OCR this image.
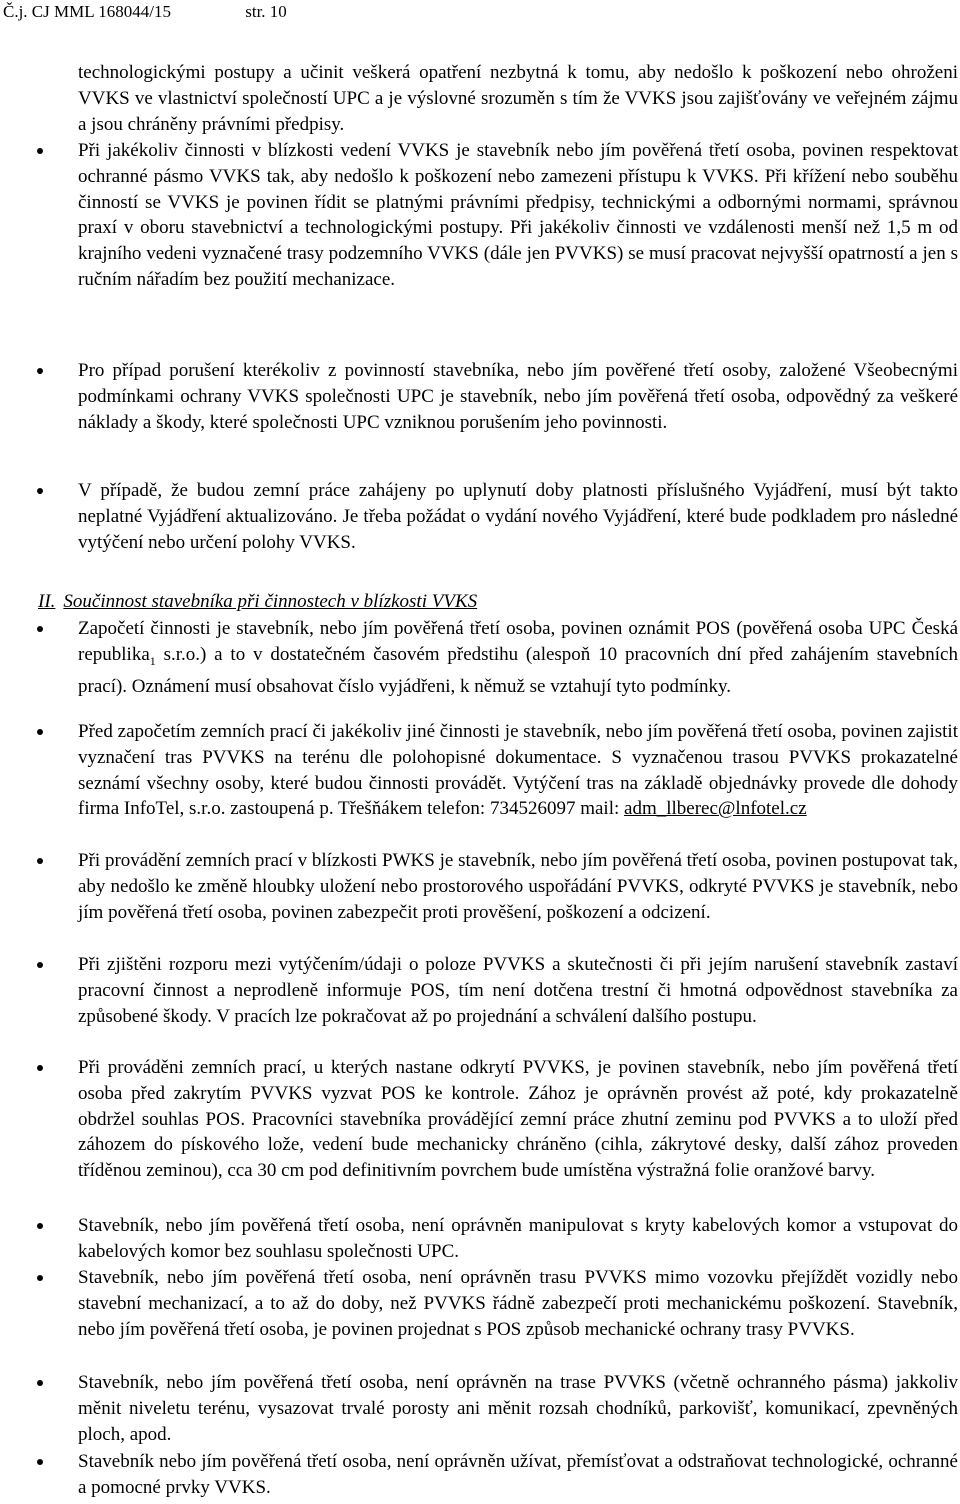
Č.j. CJ MML 168044/15	str. 10

technologickými postupy a učinit veškerá opatření nezbytná k tomu, aby nedošlo k poškození nebo ohroženi VVKS ve vlastnictví společností UPC a je výslovné srozuměn s tím že VVKS jsou zajišťovány ve veřejném zájmu a jsou chráněny právními předpisy.

Při jakékoliv činnosti v blízkosti vedení VVKS je stavebník nebo jím pověřená třetí osoba, povinen respektovat ochranné pásmo VVKS tak, aby nedošlo k poškození nebo zamezeni přístupu k VVKS. Při křížení nebo souběhu činností se VVKS je povinen řídit se platnými právními předpisy, technickými a odbornými normami, správnou praxí v oboru stavebnictví a technologickými postupy. Při jakékoliv činnosti ve vzdálenosti menší než 1,5 m od krajního vedeni vyznačené trasy podzemního VVKS (dále jen PVVKS) se musí pracovat nejvyšší opatrností a jen s ručním nářadím bez použití mechanizace.
Pro případ porušení kterékoliv z povinností stavebníka, nebo jím pověřené třetí osoby, založené Všeobecnými podmínkami ochrany VVKS společnosti UPC je stavebník, nebo jím pověřená třetí osoba, odpovědný za veškeré náklady a škody, které společnosti UPC vzniknou porušením jeho povinnosti.
V případě, že budou zemní práce zahájeny po uplynutí doby platnosti příslušného Vyjádření, musí být takto neplatné Vyjádření aktualizováno. Je třeba požádat o vydání nového Vyjádření, které bude podkladem pro následné vytýčení nebo určení polohy VVKS.
II. Součinnost stavebníka při činnostech v blízkosti VVKS
Započetí činnosti je stavebník, nebo jím pověřená třetí osoba, povinen oznámit POS (pověřená osoba UPC Česká republika$_1$ s.r.o.) a to v dostatečném časovém předstihu (alespoň 10 pracovních dní před zahájením stavebních prací). Oznámení musí obsahovat číslo vyjádřeni, k němuž se vztahují tyto podmínky.
Před započetím zemních prací či jakékoliv jiné činnosti je stavebník, nebo jím pověřená třetí osoba, povinen zajistit vyznačení tras PVVKS na terénu dle polohopisné dokumentace. S vyznačenou trasou PVVKS prokazatelné seznámí všechny osoby, které budou činnosti provádět. Vytýčení tras na základě objednávky provede dle dohody firma InfoTel, s.r.o. zastoupená p. Třešňákem telefon: 734526097 mail: adm_llberec@lnfotel.cz
Při provádění zemních prací v blízkosti PWKS je stavebník, nebo jím pověřená třetí osoba, povinen postupovat tak, aby nedošlo ke změně hloubky uložení nebo prostorového uspořádání PVVKS, odkryté PVVKS je stavebník, nebo jím pověřená třetí osoba, povinen zabezpečit proti prověšení, poškození a odcizení.
Při zjištěni rozporu mezi vytýčením/údaji o poloze PVVKS a skutečnosti či při jejím narušení stavebník zastaví pracovní činnost a neprodleně informuje POS, tím není dotčena trestní či hmotná odpovědnost stavebníka za způsobené škody. V pracích lze pokračovat až po projednání a schválení dalšího postupu.
Při prováděni zemních prací, u kterých nastane odkrytí PVVKS, je povinen stavebník, nebo jím pověřená třetí osoba před zakrytím PVVKS vyzvat POS ke kontrole. Zához je oprávněn provést až poté, kdy prokazatelně obdržel souhlas POS. Pracovníci stavebníka provádějící zemní práce zhutní zeminu pod PVVKS a to uloží před záhozem do pískového lože, vedení bude mechanicky chráněno (cihla, zákrytové desky, další zához proveden tříděnou zeminou), cca 30 cm pod definitivním povrchem bude umístěna výstražná folie oranžové barvy.
Stavebník, nebo jím pověřená třetí osoba, není oprávněn manipulovat s kryty kabelových komor a vstupovat do kabelových komor bez souhlasu společnosti UPC.
Stavebník, nebo jím pověřená třetí osoba, není oprávněn trasu PVVKS mimo vozovku přejíždět vozidly nebo stavební mechanizací, a to až do doby, než PVVKS řádně zabezpečí proti mechanickému poškození. Stavebník, nebo jím pověřená třetí osoba, je povinen projednat s POS způsob mechanické ochrany trasy PVVKS.
Stavebník, nebo jím pověřená třetí osoba, není oprávněn na trase PVVKS (včetně ochranného pásma) jakkoliv měnit niveletu terénu, vysazovat trvalé porosty ani měnit rozsah chodníků, parkovišť, komunikací, zpevněných ploch, apod.
Stavebník nebo jím pověřená třetí osoba, není oprávněn užívat, přemísťovat a odstraňovat technologické, ochranné a pomocné prvky VVKS.
